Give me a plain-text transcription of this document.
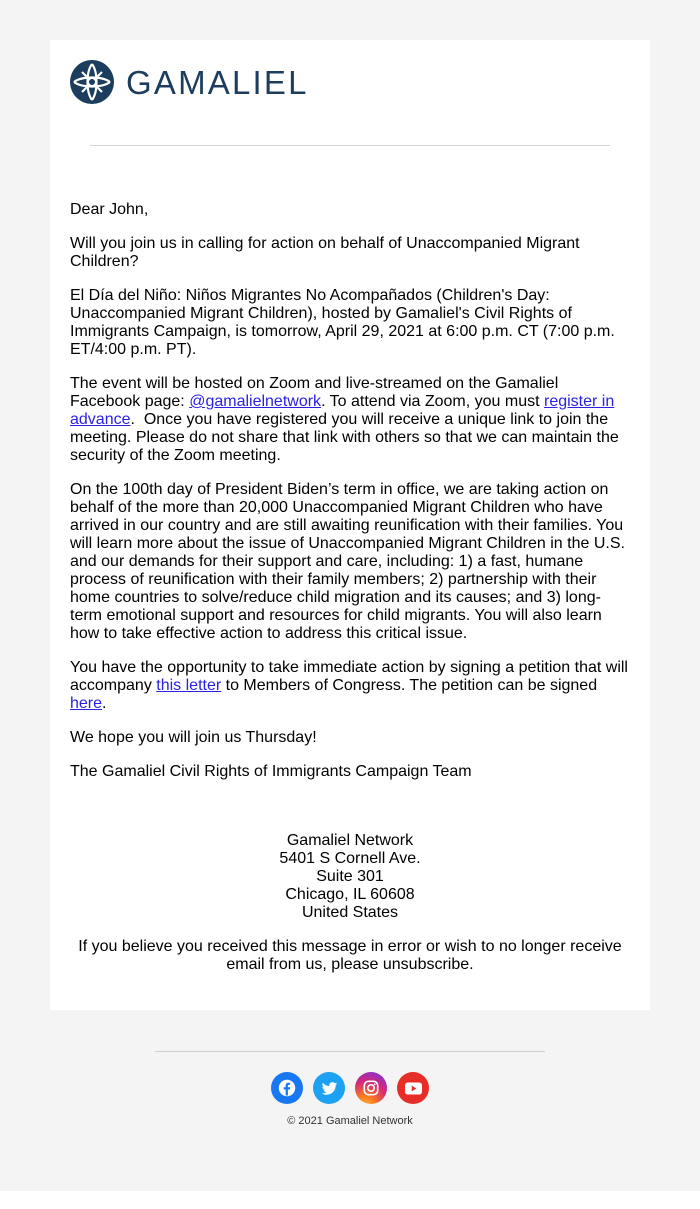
GAMALIEL

Dear John,

Will you join us in calling for action on behalf of Unaccompanied Migrant Children?

El Día del Niño: Niños Migrantes No Acompañados (Children's Day: Unaccompanied Migrant Children), hosted by Gamaliel's Civil Rights of Immigrants Campaign, is tomorrow, April 29, 2021 at 6:00 p.m. CT (7:00 p.m. ET/4:00 p.m. PT).

The event will be hosted on Zoom and live-streamed on the Gamaliel Facebook page: @gamalielnetwork. To attend via Zoom, you must register in advance.  Once you have registered you will receive a unique link to join the meeting. Please do not share that link with others so that we can maintain the security of the Zoom meeting.

On the 100th day of President Biden’s term in office, we are taking action on behalf of the more than 20,000 Unaccompanied Migrant Children who have arrived in our country and are still awaiting reunification with their families. You will learn more about the issue of Unaccompanied Migrant Children in the U.S. and our demands for their support and care, including: 1) a fast, humane process of reunification with their family members; 2) partnership with their home countries to solve/reduce child migration and its causes; and 3) long-term emotional support and resources for child migrants. You will also learn how to take effective action to address this critical issue.

You have the opportunity to take immediate action by signing a petition that will accompany this letter to Members of Congress. The petition can be signed here.

We hope you will join us Thursday!

The Gamaliel Civil Rights of Immigrants Campaign Team

Gamaliel Network
5401 S Cornell Ave.
Suite 301
Chicago, IL 60608
United States
If you believe you received this message in error or wish to no longer receive email from us, please unsubscribe.
© 2021 Gamaliel Network
